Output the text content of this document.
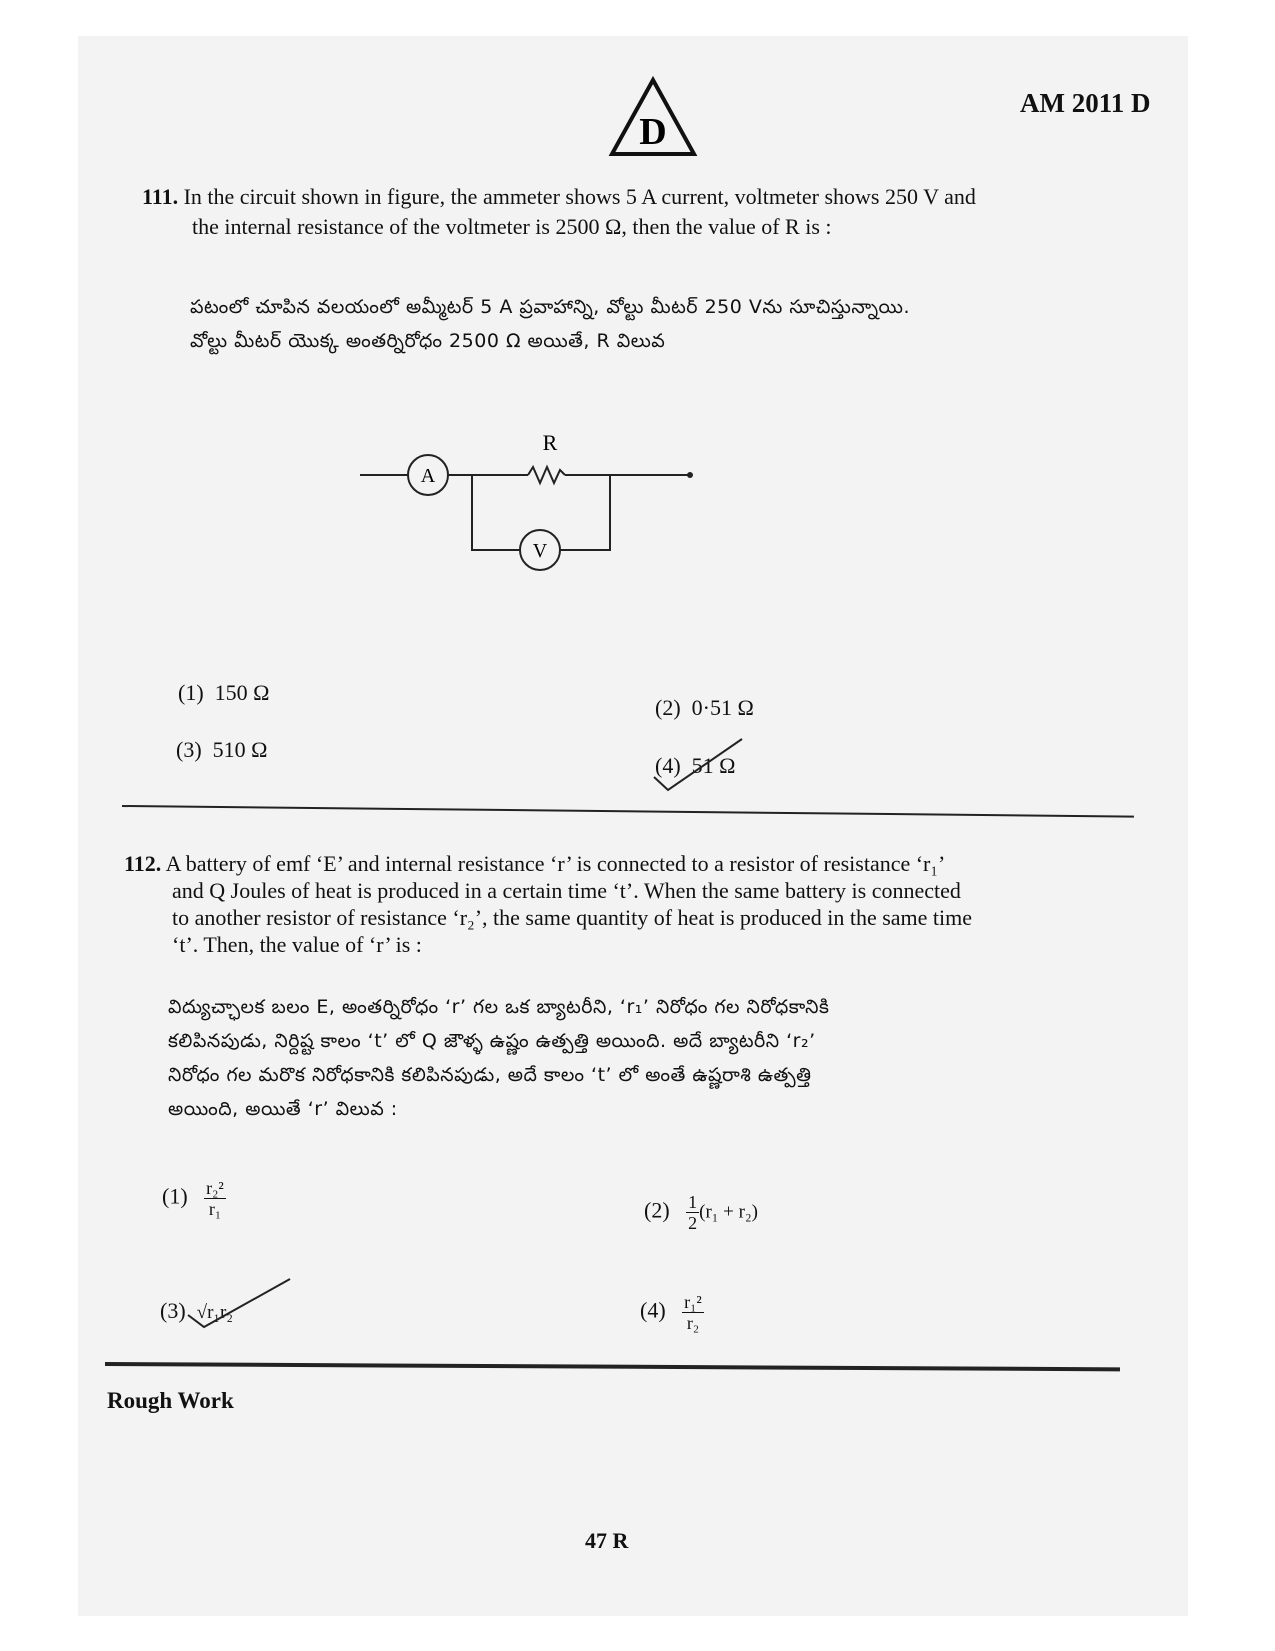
D
AM 2011 D
111. In the circuit shown in figure, the ammeter shows 5 A current, voltmeter shows 250 V and
the internal resistance of the voltmeter is 2500 Ω, then the value of R is :
పటంలో చూపిన వలయంలో అమ్మీటర్ 5 A ప్రవాహాన్ని, వోల్టు మీటర్ 250 Vను సూచిస్తున్నాయి.
వోల్టు మీటర్ యొక్క అంతర్నిరోధం 2500 Ω అయితే, R విలువ
A
R
V
(1) 150 Ω
(2) 0·51 Ω
(3) 510 Ω
(4) 51 Ω
112. A battery of emf ‘E’ and internal resistance ‘r’ is connected to a resistor of resistance ‘r₁’
and Q Joules of heat is produced in a certain time ‘t’. When the same battery is connected
to another resistor of resistance ‘r₂’, the same quantity of heat is produced in the same time
‘t’. Then, the value of ‘r’ is :
విద్యుచ్ఛాలక బలం E, అంతర్నిరోధం ‘r’ గల ఒక బ్యాటరీని, ‘r₁’ నిరోధం గల నిరోధకానికి
కలిపినపుడు, నిర్దిష్ట కాలం ‘t’ లో Q జౌళ్ళ ఉష్ణం ఉత్పత్తి అయింది. అదే బ్యాటరీని ‘r₂’
నిరోధం గల మరొక నిరోధకానికి కలిపినపుడు, అదే కాలం ‘t’ లో అంతే ఉష్ణరాశి ఉత్పత్తి
అయింది, అయితే ‘r’ విలువ :
$(1) \frac{\text{r₂²}}{\text{r₁}}$	$(2) \frac{1}{2} (r_1 + r_2)$
(3) √r₁r₂	$(4) \frac{\text{r₁²}}{\text{r₂}}$
Rough Work
47 R
